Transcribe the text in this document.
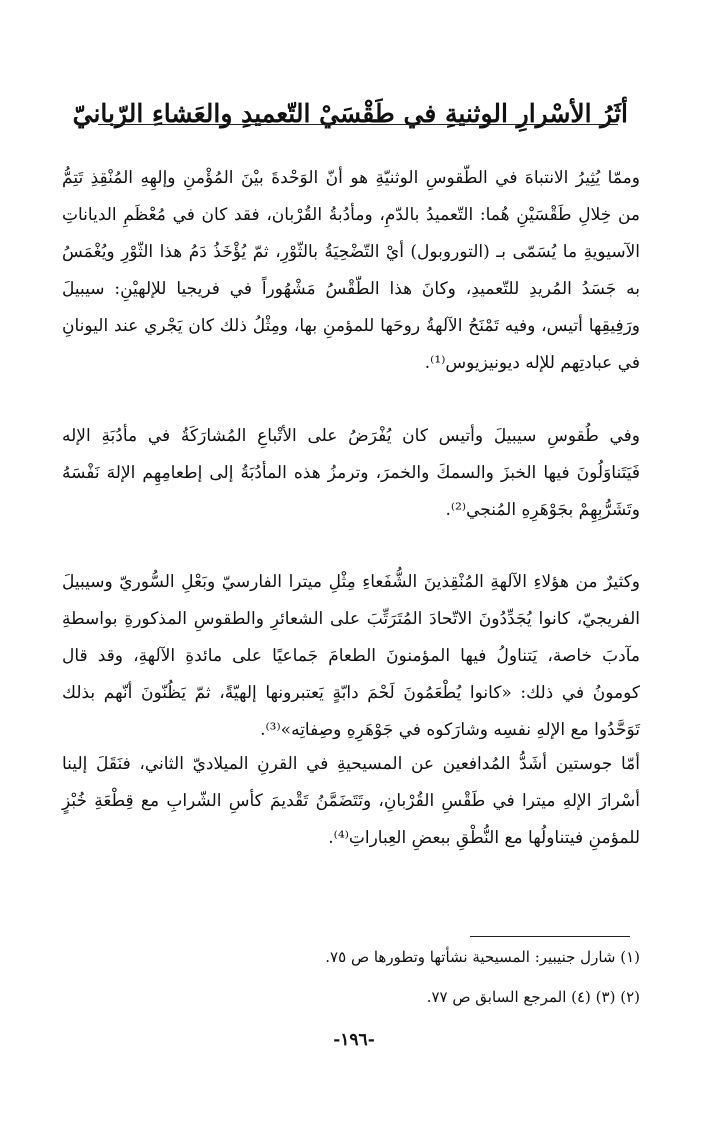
أثَرُ الأسْرارِ الوثنيةِ في طَقْسَيْ التّعميدِ والعَشاءِ الرّبانيّ

وممّا يُثِيرُ الانتباهَ في الطّقوسِ الوثنيّةِ هو أنّ الوَحْدةَ بيْنَ المُؤْمنِ وإلهِهِ المُنْقِذِ تَتِمُّ من خِلالِ طَقْسَيْنِ هُما: التّعميدُ بالدّمِ، ومأدُبةُ القُرْبان، فقد كان في مُعْظَمِ الدياناتِ الآسيويةِ ما يُسَمّى بـ (التوروبول) أيْ التّضْحِيَةُ بالثّوْرِ، ثمّ يُؤْخَذُ دَمُ هذا الثّوْرِ ويُغْمَسُ به جَسَدُ المُريدِ للتّعميدِ، وكانَ هذا الطّقْسُ مَشْهُوراً في فريجيا للإلهيْنِ: سيبيلَ ورَفِيقِها أتيس، وفيه تَمْنَحُ الآلهةُ روحَها للمؤمنِ بها، ومِثْلُ ذلك كان يَجْري عند اليونانِ في عبادتِهم للإله ديونيزيوس⁽¹⁾.

وفي طُقوسِ سيبيلَ وأتيس كان يُفْرَضُ على الأتْباعِ المُشارَكَةُ في مأدُبَةِ الإله فَيَتَناوَلُونَ فيها الخبزَ والسمكَ والخمرَ، وترمزُ هذه المأدُبَةُ إلى إطعامِهِم الإلهَ نَفْسَهُ وتَشَرُّبِهِمْ بجَوْهَرِهِ المُنجي⁽²⁾.

وكثيرٌ من هؤلاءِ الآلهةِ المُنْقِذينَ الشُّفَعاءِ مِثْلِ ميترا الفارسيّ وبَعْلِ السُّوريّ وسيبيلَ الفريجيّ، كانوا يُجَدِّدُونَ الاتّحادَ المُتَرَتِّبَ على الشعائرِ والطقوسِ المذكورةِ بواسطةِ مآدبَ خاصة، يَتناولُ فيها المؤمنونَ الطعامَ جَماعيًا على مائدةِ الآلهةِ، وقد قال كومونُ في ذلك: «كانوا يُطْعَمُونَ لَحْمَ دابّةٍ يَعتبرونها إلهيّةً، ثمّ يَظُنّونَ أنّهم بذلك تَوَحَّدُوا مع الإلهِ نفسِه وشارَكوه في جَوْهَرِهِ وصِفاتِه»⁽³⁾.

أمّا جوستين أشَدُّ المُدافعين عن المسيحيةِ في القرنِ الميلاديّ الثاني، فنَقَلَ إلينا أسْرارَ الإلهِ ميترا في طَقْسِ القُرْبانِ، وتَتَضَمَّنُ تَقْديمَ كأسِ الشّرابِ مع قِطْعَةِ خُبْزٍ للمؤمنِ فيتناولُها مع النُّطْقِ ببعضِ العِباراتِ⁽⁴⁾.

(١) شارل جنيبير: المسيحية نشأتها وتطورها ص ٧٥.

(٢) (٣) (٤) المرجع السابق ص ٧٧.

-١٩٦-
